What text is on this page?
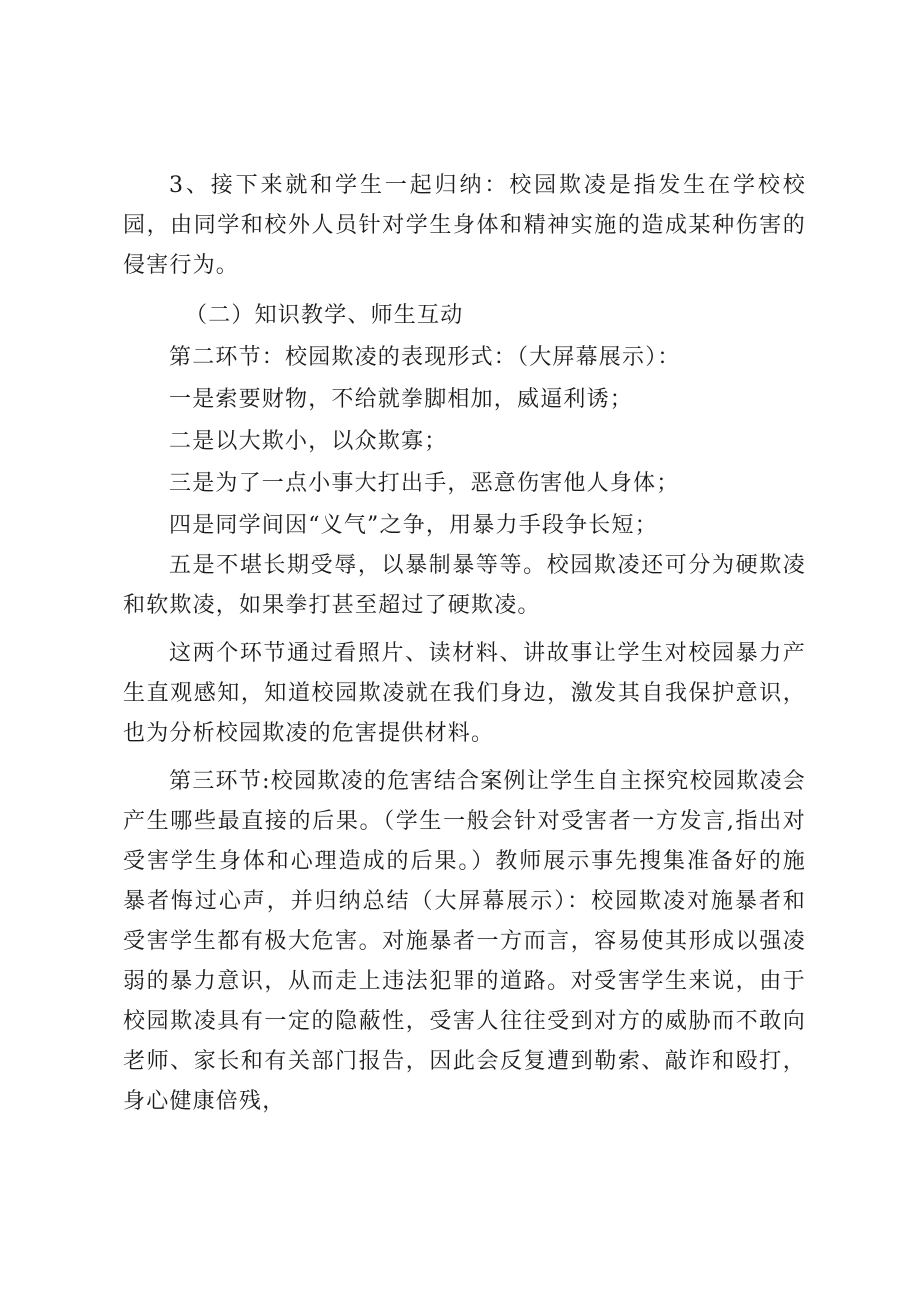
3、接下来就和学生一起归纳：校园欺凌是指发生在学校校园，由同学和校外人员针对学生身体和精神实施的造成某种伤害的侵害行为。

（二）知识教学、师生互动

第二环节：校园欺凌的表现形式：（大屏幕展示）：

一是索要财物，不给就拳脚相加，威逼利诱；

二是以大欺小，以众欺寡；

三是为了一点小事大打出手，恶意伤害他人身体；

四是同学间因“义气”之争，用暴力手段争长短；

五是不堪长期受辱，以暴制暴等等。校园欺凌还可分为硬欺凌和软欺凌，如果拳打甚至超过了硬欺凌。

这两个环节通过看照片、读材料、讲故事让学生对校园暴力产生直观感知，知道校园欺凌就在我们身边，激发其自我保护意识，也为分析校园欺凌的危害提供材料。

第三环节:校园欺凌的危害结合案例让学生自主探究校园欺凌会产生哪些最直接的后果。（学生一般会针对受害者一方发言,指出对受害学生身体和心理造成的后果。）教师展示事先搜集准备好的施暴者悔过心声，并归纳总结（大屏幕展示）：校园欺凌对施暴者和受害学生都有极大危害。对施暴者一方而言，容易使其形成以强凌弱的暴力意识，从而走上违法犯罪的道路。对受害学生来说，由于校园欺凌具有一定的隐蔽性，受害人往往受到对方的威胁而不敢向老师、家长和有关部门报告，因此会反复遭到勒索、敲诈和殴打，身心健康倍残，
